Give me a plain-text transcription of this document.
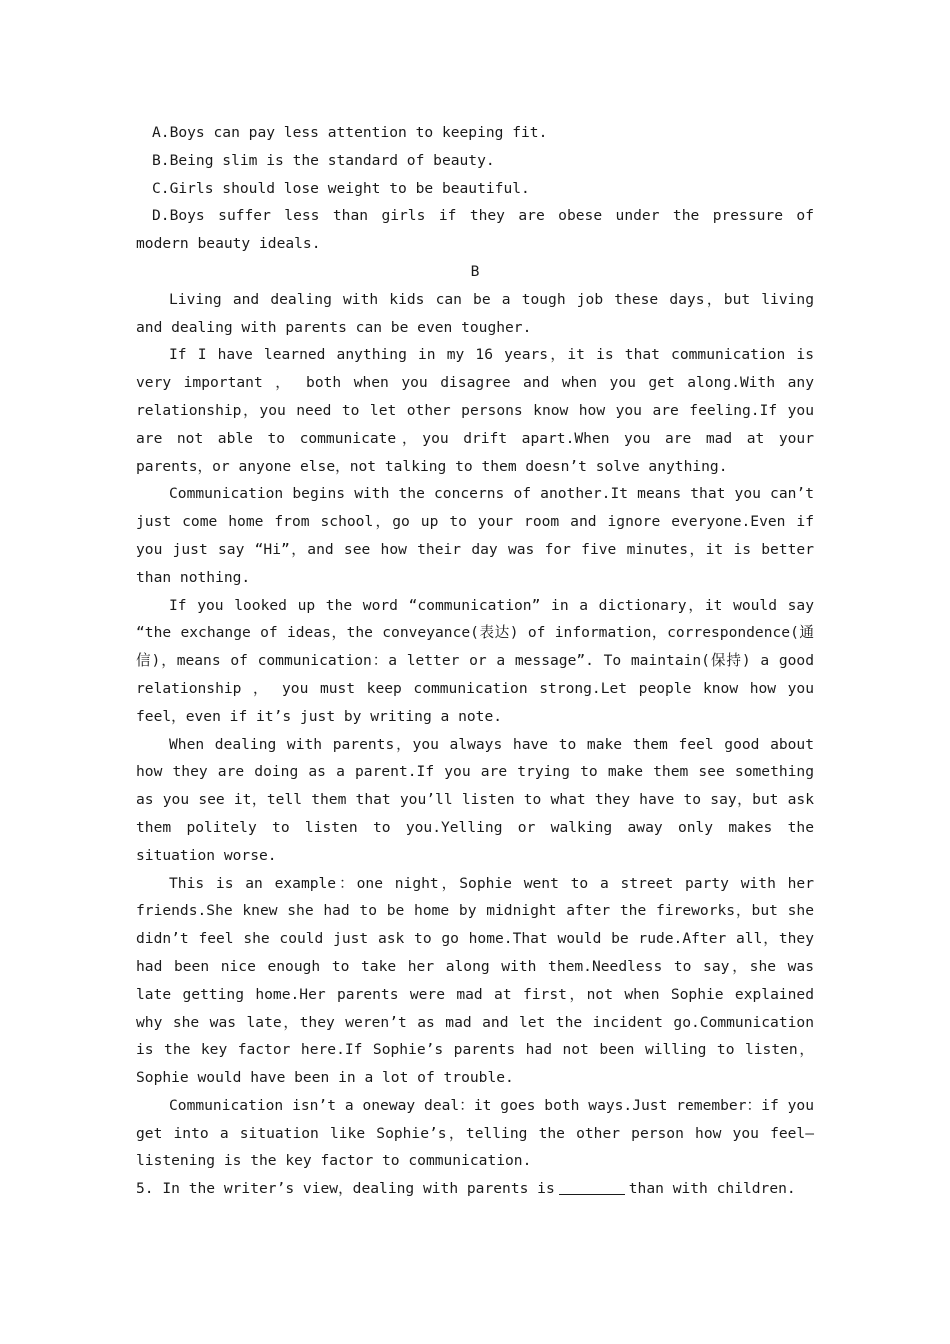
A.Boys can pay less attention to keeping fit.

B.Being slim is the standard of beauty.

C.Girls should lose weight to be beautiful.

D.Boys suffer less than girls if they are obese under the pressure of modern beauty ideals.

B

Living and dealing with kids can be a tough job these days，but living and dealing with parents can be even tougher.

If I have learned anything in my 16 years，it is that communication is very important ， both when you disagree and when you get along.With any relationship，you need to let other persons know how you are feeling.If you are not able to communicate，you drift apart.When you are mad at your parents，or anyone else，not talking to them doesn’t solve anything.

Communication begins with the concerns of another.It means that you can’t just come home from school，go up to your room and ignore everyone.Even if you just say “Hi”，and see how their day was for five minutes，it is better than nothing.

If you looked up the word “communication” in a dictionary，it would say “the exchange of ideas，the conveyance(表达) of information，correspondence(通信)，means of communication：a letter or a message”. To maintain(保持) a good relationship ， you must keep communication strong.Let people know how you feel，even if it’s just by writing a note.

When dealing with parents，you always have to make them feel good about how they are doing as a parent.If you are trying to make them see something as you see it，tell them that you’ll listen to what they have to say，but ask them politely to listen to you.Yelling or walking away only makes the situation worse.

This is an example：one night，Sophie went to a street party with her friends.She knew she had to be home by midnight after the fireworks，but she didn’t feel she could just ask to go home.That would be rude.After all，they had been nice enough to take her along with them.Needless to say，she was late getting home.Her parents were mad at first，not when Sophie explained why she was late，they weren’t as mad and let the incident go.Communication is the key factor here.If Sophie’s parents had not been willing to listen，Sophie would have been in a lot of trouble.

Communication isn’t a oneway deal：it goes both ways.Just remember：if you get into a situation like Sophie’s，telling the other person how you feel—listening is the key factor to communication.

5. In the writer’s view，dealing with parents is	than with children.
